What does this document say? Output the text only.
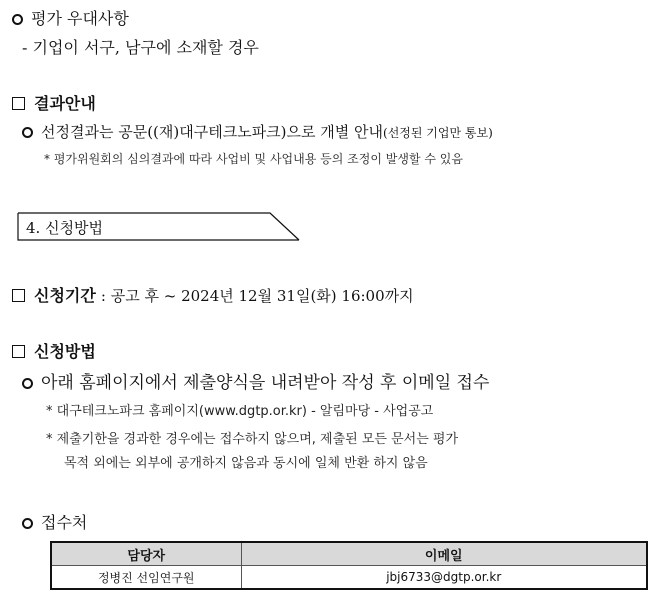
평가 우대사항
- 기업이 서구, 남구에 소재할 경우
결과안내
선정결과는 공문((재)대구테크노파크)으로 개별 안내(선정된 기업만 통보)
* 평가위원회의 심의결과에 따라 사업비 및 사업내용 등의 조정이 발생할 수 있음
4. 신청방법
신청기간 : 공고 후 ~ 2024년 12월 31일(화) 16:00까지
신청방법
아래 홈페이지에서 제출양식을 내려받아 작성 후 이메일 접수
* 대구테크노파크 홈페이지(www.dgtp.or.kr) - 알림마당 - 사업공고
* 제출기한을 경과한 경우에는 접수하지 않으며, 제출된 모든 문서는 평가
목적 외에는 외부에 공개하지 않음과 동시에 일체 반환 하지 않음
접수처
담당자	이메일
정병진 선임연구원	jbj6733@dgtp.or.kr
